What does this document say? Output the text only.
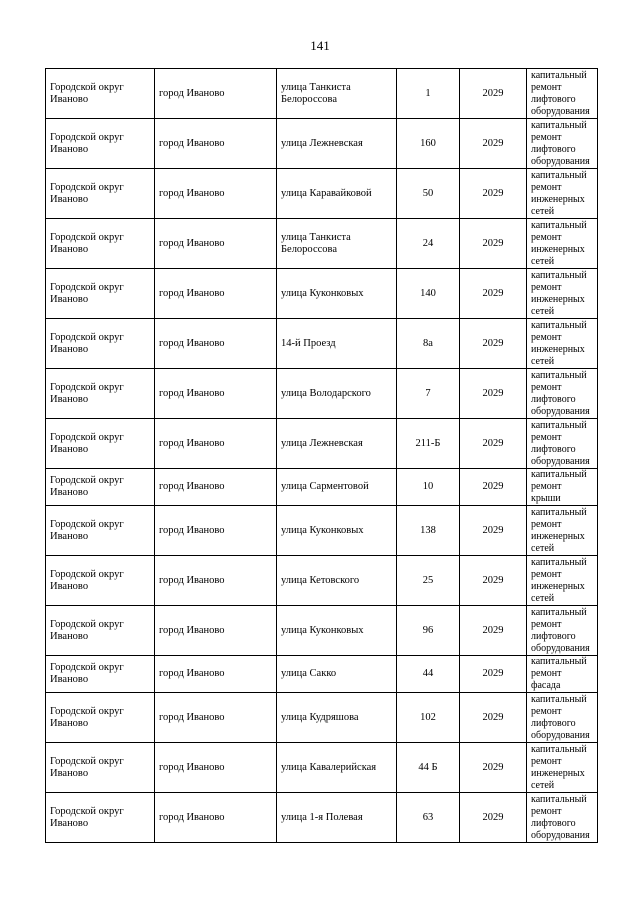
141
Городской округ Иваново	город Иваново	улица Танкиста Белороссова	1	2029	капитальный ремонт лифтового оборудования
Городской округ Иваново	город Иваново	улица Лежневская	160	2029	капитальный ремонт лифтового оборудования
Городской округ Иваново	город Иваново	улица Каравайковой	50	2029	капитальный ремонт инженерных сетей
Городской округ Иваново	город Иваново	улица Танкиста Белороссова	24	2029	капитальный ремонт инженерных сетей
Городской округ Иваново	город Иваново	улица Куконковых	140	2029	капитальный ремонт инженерных сетей
Городской округ Иваново	город Иваново	14-й Проезд	8а	2029	капитальный ремонт инженерных сетей
Городской округ Иваново	город Иваново	улица Володарского	7	2029	капитальный ремонт лифтового оборудования
Городской округ Иваново	город Иваново	улица Лежневская	211-Б	2029	капитальный ремонт лифтового оборудования
Городской округ Иваново	город Иваново	улица Сарментовой	10	2029	капитальный ремонт крыши
Городской округ Иваново	город Иваново	улица Куконковых	138	2029	капитальный ремонт инженерных сетей
Городской округ Иваново	город Иваново	улица Кетовского	25	2029	капитальный ремонт инженерных сетей
Городской округ Иваново	город Иваново	улица Куконковых	96	2029	капитальный ремонт лифтового оборудования
Городской округ Иваново	город Иваново	улица Сакко	44	2029	капитальный ремонт фасада
Городской округ Иваново	город Иваново	улица Кудряшова	102	2029	капитальный ремонт лифтового оборудования
Городской округ Иваново	город Иваново	улица Кавалерийская	44 Б	2029	капитальный ремонт инженерных сетей
Городской округ Иваново	город Иваново	улица 1-я Полевая	63	2029	капитальный ремонт лифтового оборудования
